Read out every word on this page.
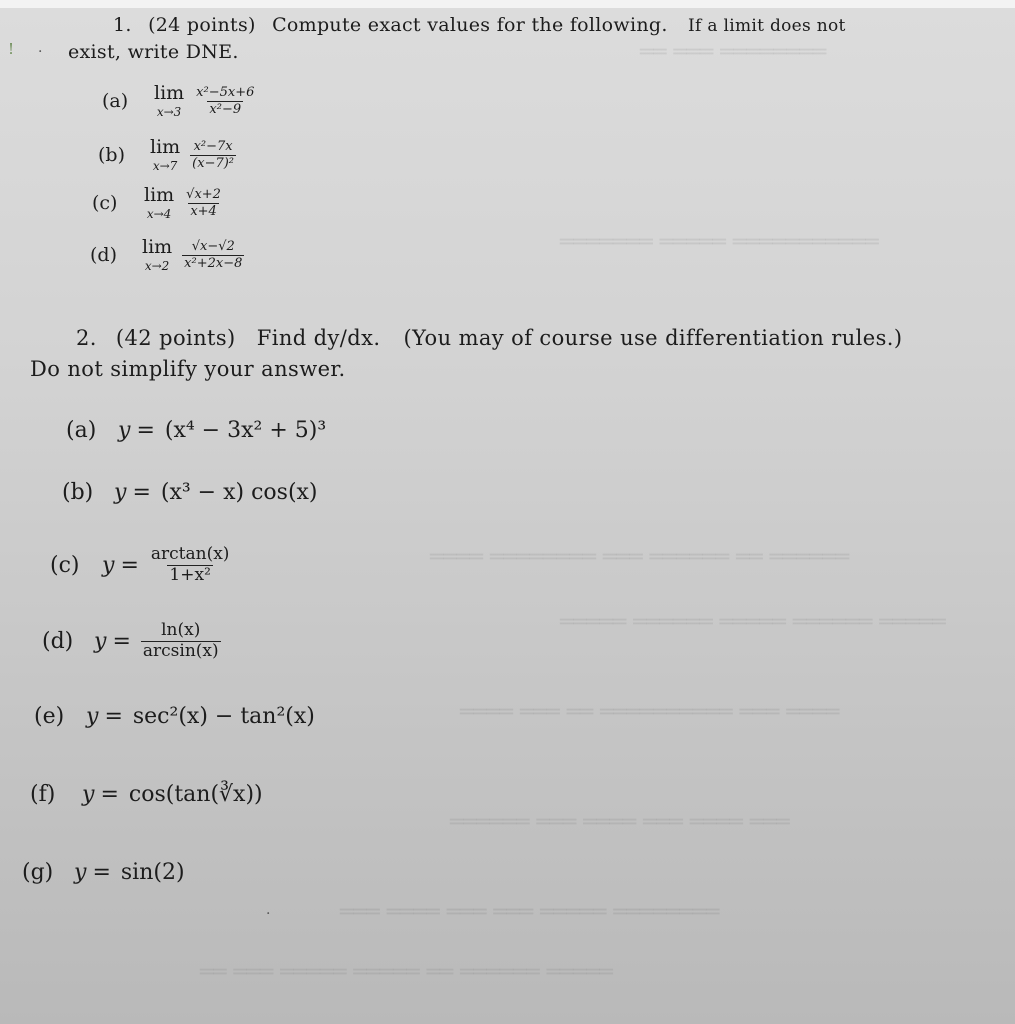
════════ ═══ ══
═══════════ ═════ ═══════
══════ ══ ══════ ═══ ════════ ════
═════ ══════ ═════ ══════ ═════
════ ═══ ══════════ ══ ═══ ════
═══ ════ ═══ ════ ═══ ══════
════════ ═════ ═══ ═══ ════ ═══
═════ ══════ ══ ═════ ═════ ═══ ══
! ·
1. (24 points) Compute exact values for the following. If a limit does not
exist, write DNE.
(a)	lim
$x\to 3 \frac{\text{x²−5x+6}}{\text{x²−9}}$
(b)	lim
$x\to 7 \frac{\text{x²−7x}}{\text{(x−7)²}}$
(c)	lim
$x\to 4 \frac{√x+2}{x+4}$
(d)	lim
$x\to 2 \frac{√x-√2}{\text{x²+2x−8}}$
2. (42 points) Find dy/dx. (You may of course use differentiation rules.)
Do not simplify your answer.
(a) y = (x⁴ − 3x² + 5)³
(b) y = (x³ − x) cos(x)
(c)	$y = \frac{\arctan(x)}{\text{1+x²}}$
(d) $y = \frac{\ln(x)}{\arcsin(x)}$
(e) y = sec²(x) − tan²(x)
(f)	y = cos(tan(∛x))
(g) y = sin(2)
·
